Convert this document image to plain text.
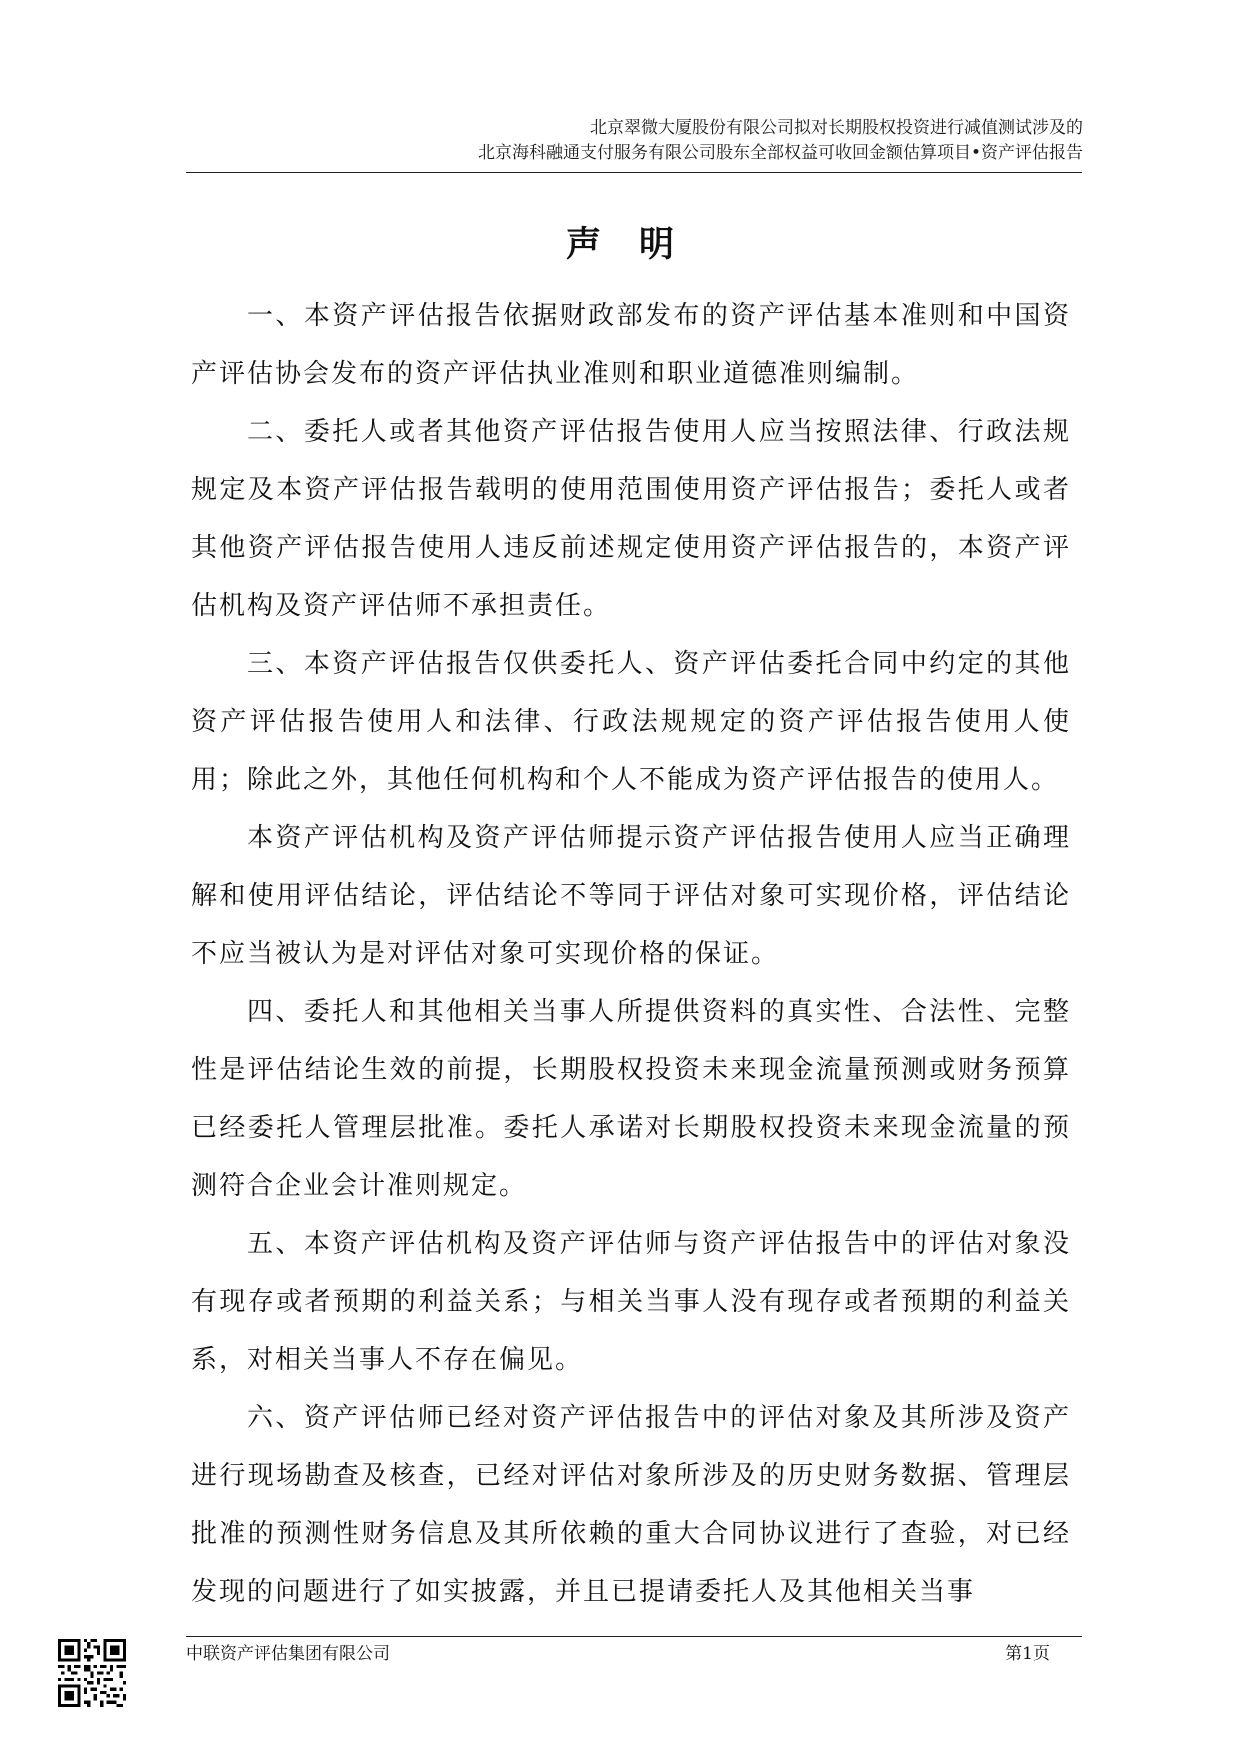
北京翠微大厦股份有限公司拟对长期股权投资进行减值测试涉及的
北京海科融通支付服务有限公司股东全部权益可收回金额估算项目•资产评估报告
声明

一、本资产评估报告依据财政部发布的资产评估基本准则和中国资产评估协会发布的资产评估执业准则和职业道德准则编制。

二、委托人或者其他资产评估报告使用人应当按照法律、行政法规规定及本资产评估报告载明的使用范围使用资产评估报告；委托人或者其他资产评估报告使用人违反前述规定使用资产评估报告的，本资产评估机构及资产评估师不承担责任。

三、本资产评估报告仅供委托人、资产评估委托合同中约定的其他资产评估报告使用人和法律、行政法规规定的资产评估报告使用人使用；除此之外，其他任何机构和个人不能成为资产评估报告的使用人。

本资产评估机构及资产评估师提示资产评估报告使用人应当正确理解和使用评估结论，评估结论不等同于评估对象可实现价格，评估结论不应当被认为是对评估对象可实现价格的保证。

四、委托人和其他相关当事人所提供资料的真实性、合法性、完整性是评估结论生效的前提，长期股权投资未来现金流量预测或财务预算已经委托人管理层批准。委托人承诺对长期股权投资未来现金流量的预测符合企业会计准则规定。

五、本资产评估机构及资产评估师与资产评估报告中的评估对象没有现存或者预期的利益关系；与相关当事人没有现存或者预期的利益关系，对相关当事人不存在偏见。

六、资产评估师已经对资产评估报告中的评估对象及其所涉及资产进行现场勘查及核查，已经对评估对象所涉及的历史财务数据、管理层批准的预测性财务信息及其所依赖的重大合同协议进行了查验，对已经发现的问题进行了如实披露，并且已提请委托人及其他相关当事

中联资产评估集团有限公司	第1页
